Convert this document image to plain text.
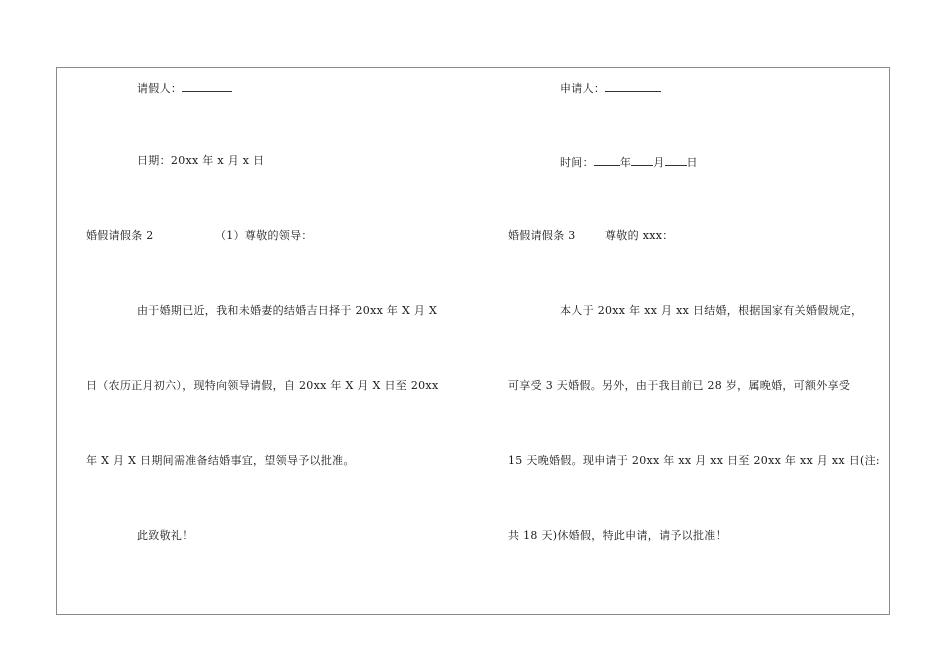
请假人：
日期：20xx 年 x 月 x 日
婚假请假条 2	（1）尊敬的领导：
由于婚期已近，我和未婚妻的结婚吉日择于 20xx 年 X 月 X
日（农历正月初六），现特向领导请假，自 20xx 年 X 月 X 日至 20xx
年 X 月 X 日期间需准备结婚事宜，望领导予以批准。
此致敬礼！
申请人：
时间： 年 月 日
婚假请假条 3	尊敬的 xxx：
本人于 20xx 年 xx 月 xx 日结婚，根据国家有关婚假规定，
可享受 3 天婚假。另外，由于我目前已 28 岁，属晚婚，可额外享受
15 天晚婚假。现申请于 20xx 年 xx 月 xx 日至 20xx 年 xx 月 xx 日(注:
共 18 天)休婚假，特此申请，请予以批准！
